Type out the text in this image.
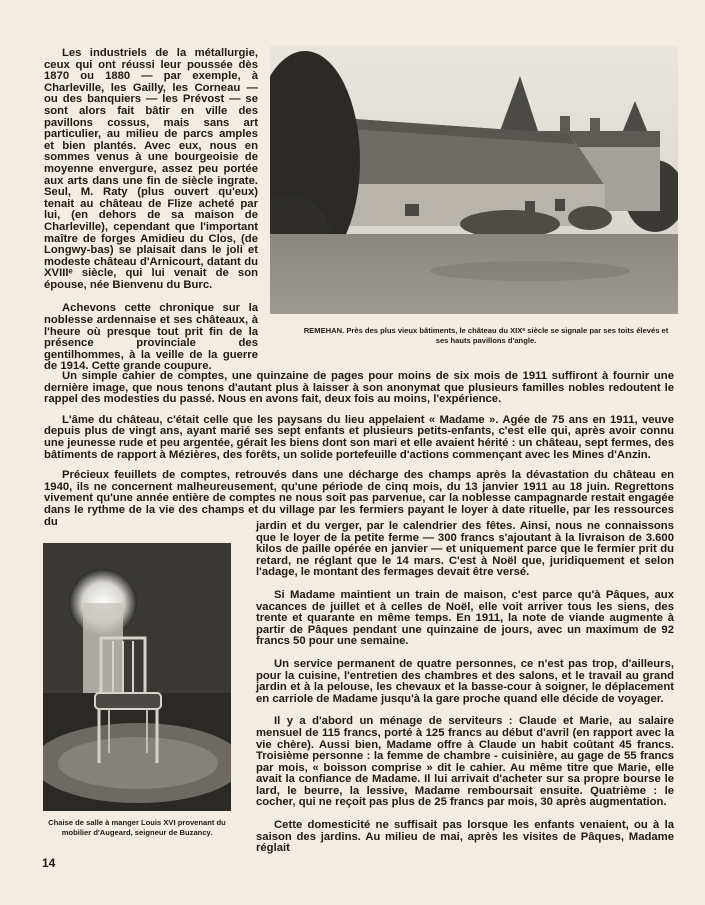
Les industriels de la métallurgie, ceux qui ont réussi leur poussée dès 1870 ou 1880 — par exemple, à Charleville, les Gailly, les Corneau — ou des banquiers — les Prévost — se sont alors fait bâtir en ville des pavillons cossus, mais sans art particulier, au milieu de parcs amples et bien plantés. Avec eux, nous en sommes venus à une bourgeoisie de moyenne envergure, assez peu portée aux arts dans une fin de siècle ingrate. Seul, M. Raty (plus ouvert qu'eux) tenait au château de Flize acheté par lui, (en dehors de sa maison de Charleville), cependant que l'important maître de forges Amidieu du Clos, (de Longwy-bas) se plaisait dans le joli et modeste château d'Arnicourt, datant du XVIIIᵉ siècle, qui lui venait de son épouse, née Bienvenu du Burc.

Achevons cette chronique sur la noblesse ardennaise et ses châteaux, à l'heure où presque tout prit fin de la présence provinciale des gentilhommes, à la veille de la guerre de 1914. Cette grande coupure.

REMEHAN. Près des plus vieux bâtiments, le château du XIXᵉ siècle se signale par ses toits élevés et ses hauts pavillons d'angle.

Un simple cahier de comptes, une quinzaine de pages pour moins de six mois de 1911 suffiront à fournir une dernière image, que nous tenons d'autant plus à laisser à son anonymat que plusieurs familles nobles redoutent le rappel des modesties du passé. Nous en avons fait, deux fois au moins, l'expérience.

L'âme du château, c'était celle que les paysans du lieu appelaient « Madame ». Agée de 75 ans en 1911, veuve depuis plus de vingt ans, ayant marié ses sept enfants et plusieurs petits-enfants, c'est elle qui, après avoir connu une jeunesse rude et peu argentée, gérait les biens dont son mari et elle avaient hérité : un château, sept fermes, des bâtiments de rapport à Mézières, des forêts, un solide portefeuille d'actions commençant avec les Mines d'Anzin.

Précieux feuillets de comptes, retrouvés dans une décharge des champs après la dévastation du château en 1940, ils ne concernent malheureusement, qu'une période de cinq mois, du 13 janvier 1911 au 18 juin. Regrettons vivement qu'une année entière de comptes ne nous soit pas parvenue, car la noblesse campagnarde restait engagée dans le rythme de la vie des champs et du village par les fermiers payant le loyer à date rituelle, par les ressources du

Chaise de salle à manger Louis XVI provenant du mobilier d'Augeard, seigneur de Buzancy.

jardin et du verger, par le calendrier des fêtes. Ainsi, nous ne connaissons que le loyer de la petite ferme — 300 francs s'ajoutant à la livraison de 3.600 kilos de paille opérée en janvier — et uniquement parce que le fermier prit du retard, ne réglant que le 14 mars. C'est à Noël que, juridiquement et selon l'adage, le montant des fermages devait être versé.

Si Madame maintient un train de maison, c'est parce qu'à Pâques, aux vacances de juillet et à celles de Noël, elle voit arriver tous les siens, des trente et quarante en même temps. En 1911, la note de viande augmente à partir de Pâques pendant une quinzaine de jours, avec un maximum de 92 francs 50 pour une semaine.

Un service permanent de quatre personnes, ce n'est pas trop, d'ailleurs, pour la cuisine, l'entretien des chambres et des salons, et le travail au grand jardin et à la pelouse, les chevaux et la basse-cour à soigner, le déplacement en carriole de Madame jusqu'à la gare proche quand elle décide de voyager.

Il y a d'abord un ménage de serviteurs : Claude et Marie, au salaire mensuel de 115 francs, porté à 125 francs au début d'avril (en rapport avec la vie chère). Aussi bien, Madame offre à Claude un habit coûtant 45 francs. Troisième personne : la femme de chambre - cuisinière, au gage de 55 francs par mois, « boisson comprise » dit le cahier. Au même titre que Marie, elle avait la confiance de Madame. Il lui arrivait d'acheter sur sa propre bourse le lard, le beurre, la lessive, Madame remboursait ensuite. Quatrième : le cocher, qui ne reçoit pas plus de 25 francs par mois, 30 après augmentation.

Cette domesticité ne suffisait pas lorsque les enfants venaient, ou à la saison des jardins. Au milieu de mai, après les visites de Pâques, Madame réglait

14
